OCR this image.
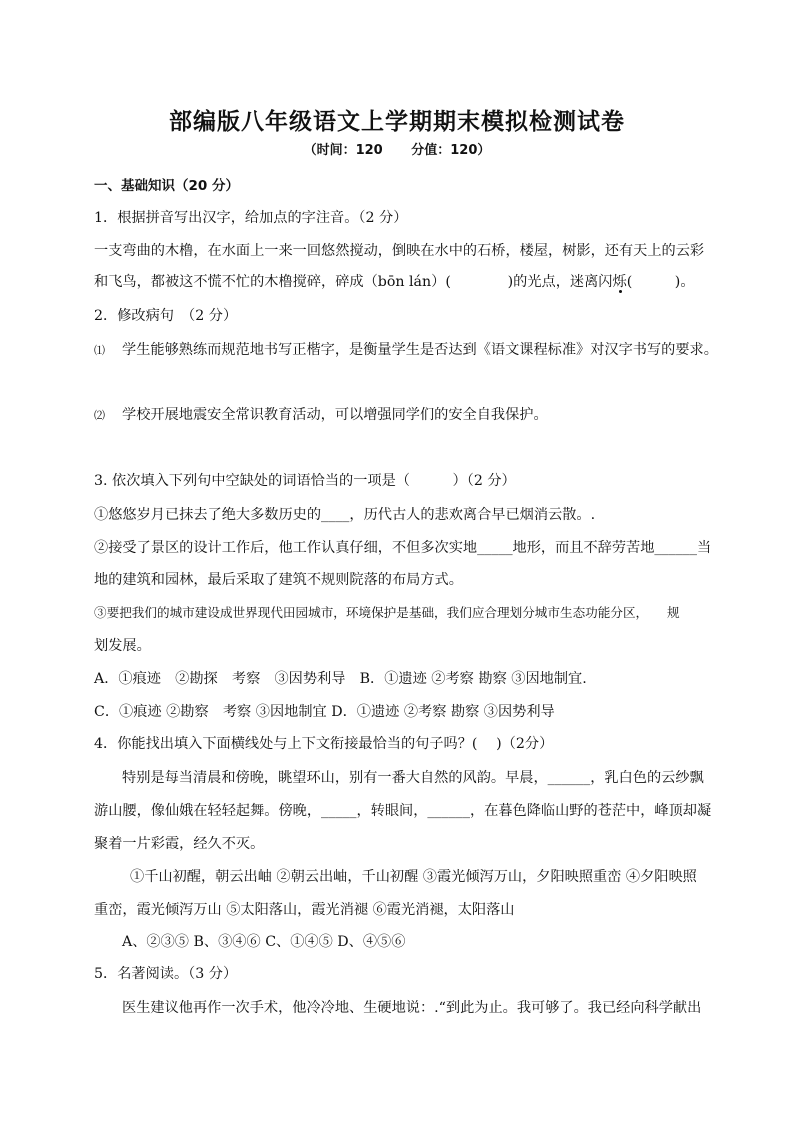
部编版八年级语文上学期期末模拟检测试卷
（时间：120 分值：120）
一、基础知识（20 分）
1．根据拼音写出汉字，给加点的字注音。（2 分）
一支弯曲的木橹，在水面上一来一回悠然搅动，倒映在水中的石桥，楼屋，树影，还有天上的云彩
和飞鸟，都被这不慌不忙的木橹搅碎，碎成（bōn lán）(　　　　)的光点，迷离闪烁(　　　)。
2．修改病句　（2 分）
⑴ 学生能够熟练而规范地书写正楷字，是衡量学生是否达到《语文课程标准》对汉字书写的要求。
⑵ 学校开展地震安全常识教育活动，可以增强同学们的安全自我保护。
3. 依次填入下列句中空缺处的词语恰当的一项是（　　　）（2 分）
①悠悠岁月已抹去了绝大多数历史的____，历代古人的悲欢离合早已烟消云散。.
②接受了景区的设计工作后，他工作认真仔细，不但多次实地_____地形，而且不辞劳苦地______当
地的建筑和园林，最后采取了建筑不规则院落的布局方式。
③要把我们的城市建设成世界现代田园城市，环境保护是基础，我们应合理划分城市生态功能分区，　　规
划发展。
A．①痕迹　②勘探　考察　③因势利导　B．①遗迹 ②考察 勘察 ③因地制宜.
C．①痕迹 ②勘察　考察 ③因地制宜 D．①遗迹 ②考察 勘察 ③因势利导
4．你能找出填入下面横线处与上下文衔接最恰当的句子吗？(　 )（2分）
特别是每当清晨和傍晚，眺望环山，别有一番大自然的风韵。早晨，______，乳白色的云纱飘
游山腰，像仙娥在轻轻起舞。傍晚，_____，转眼间，______，在暮色降临山野的苍茫中，峰顶却凝
聚着一片彩霞，经久不灭。
①千山初醒，朝云出岫 ②朝云出岫，千山初醒 ③霞光倾泻万山，夕阳映照重峦 ④夕阳映照
重峦，霞光倾泻万山 ⑤太阳落山，霞光消褪 ⑥霞光消褪，太阳落山
A、②③⑤ B、③④⑥ C、①④⑤ D、④⑤⑥
5．名著阅读。（3 分）
医生建议他再作一次手术，他冷冷地、生硬地说：.“到此为止。我可够了。我已经向科学献出
